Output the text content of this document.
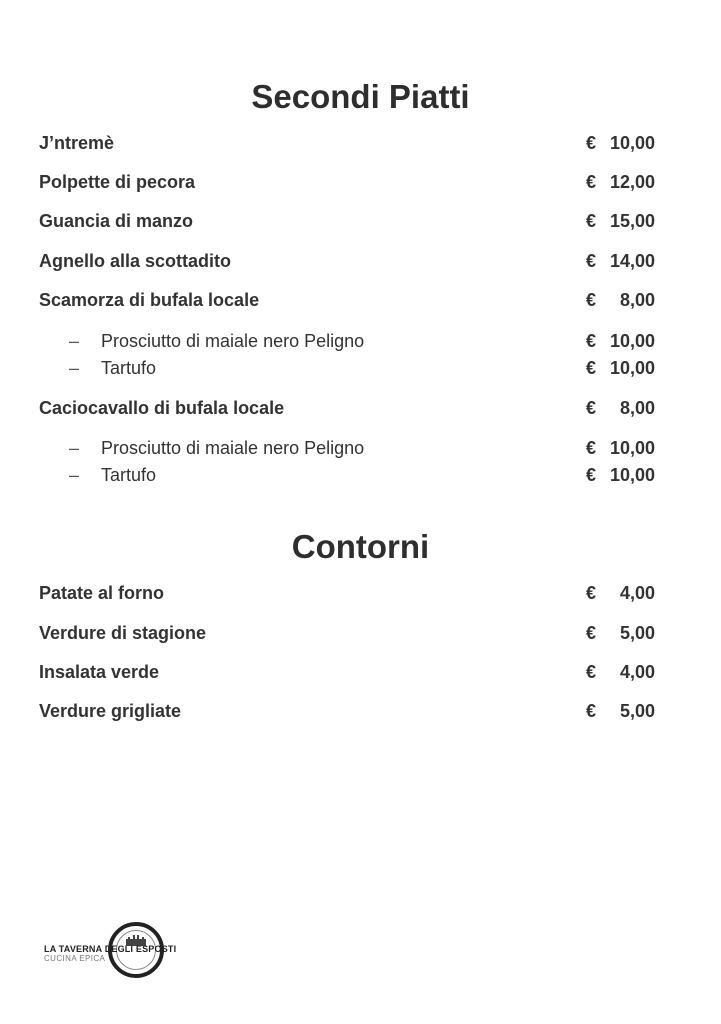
Secondi Piatti
J’ntremè	€ 10,00
Polpette di pecora	€ 12,00
Guancia di manzo	€ 15,00
Agnello alla scottadito	€ 14,00
Scamorza di bufala locale	€ 8,00
– Prosciutto di maiale nero Peligno	€ 10,00
– Tartufo	€ 10,00
Caciocavallo di bufala locale	€ 8,00
– Prosciutto di maiale nero Peligno	€ 10,00
– Tartufo	€ 10,00
Contorni
Patate al forno	€ 4,00
Verdure di stagione	€ 5,00
Insalata verde	€ 4,00
Verdure grigliate	€ 5,00
LA TAVERNA DEGLI ESPOSTI
CUCINA EPICA
